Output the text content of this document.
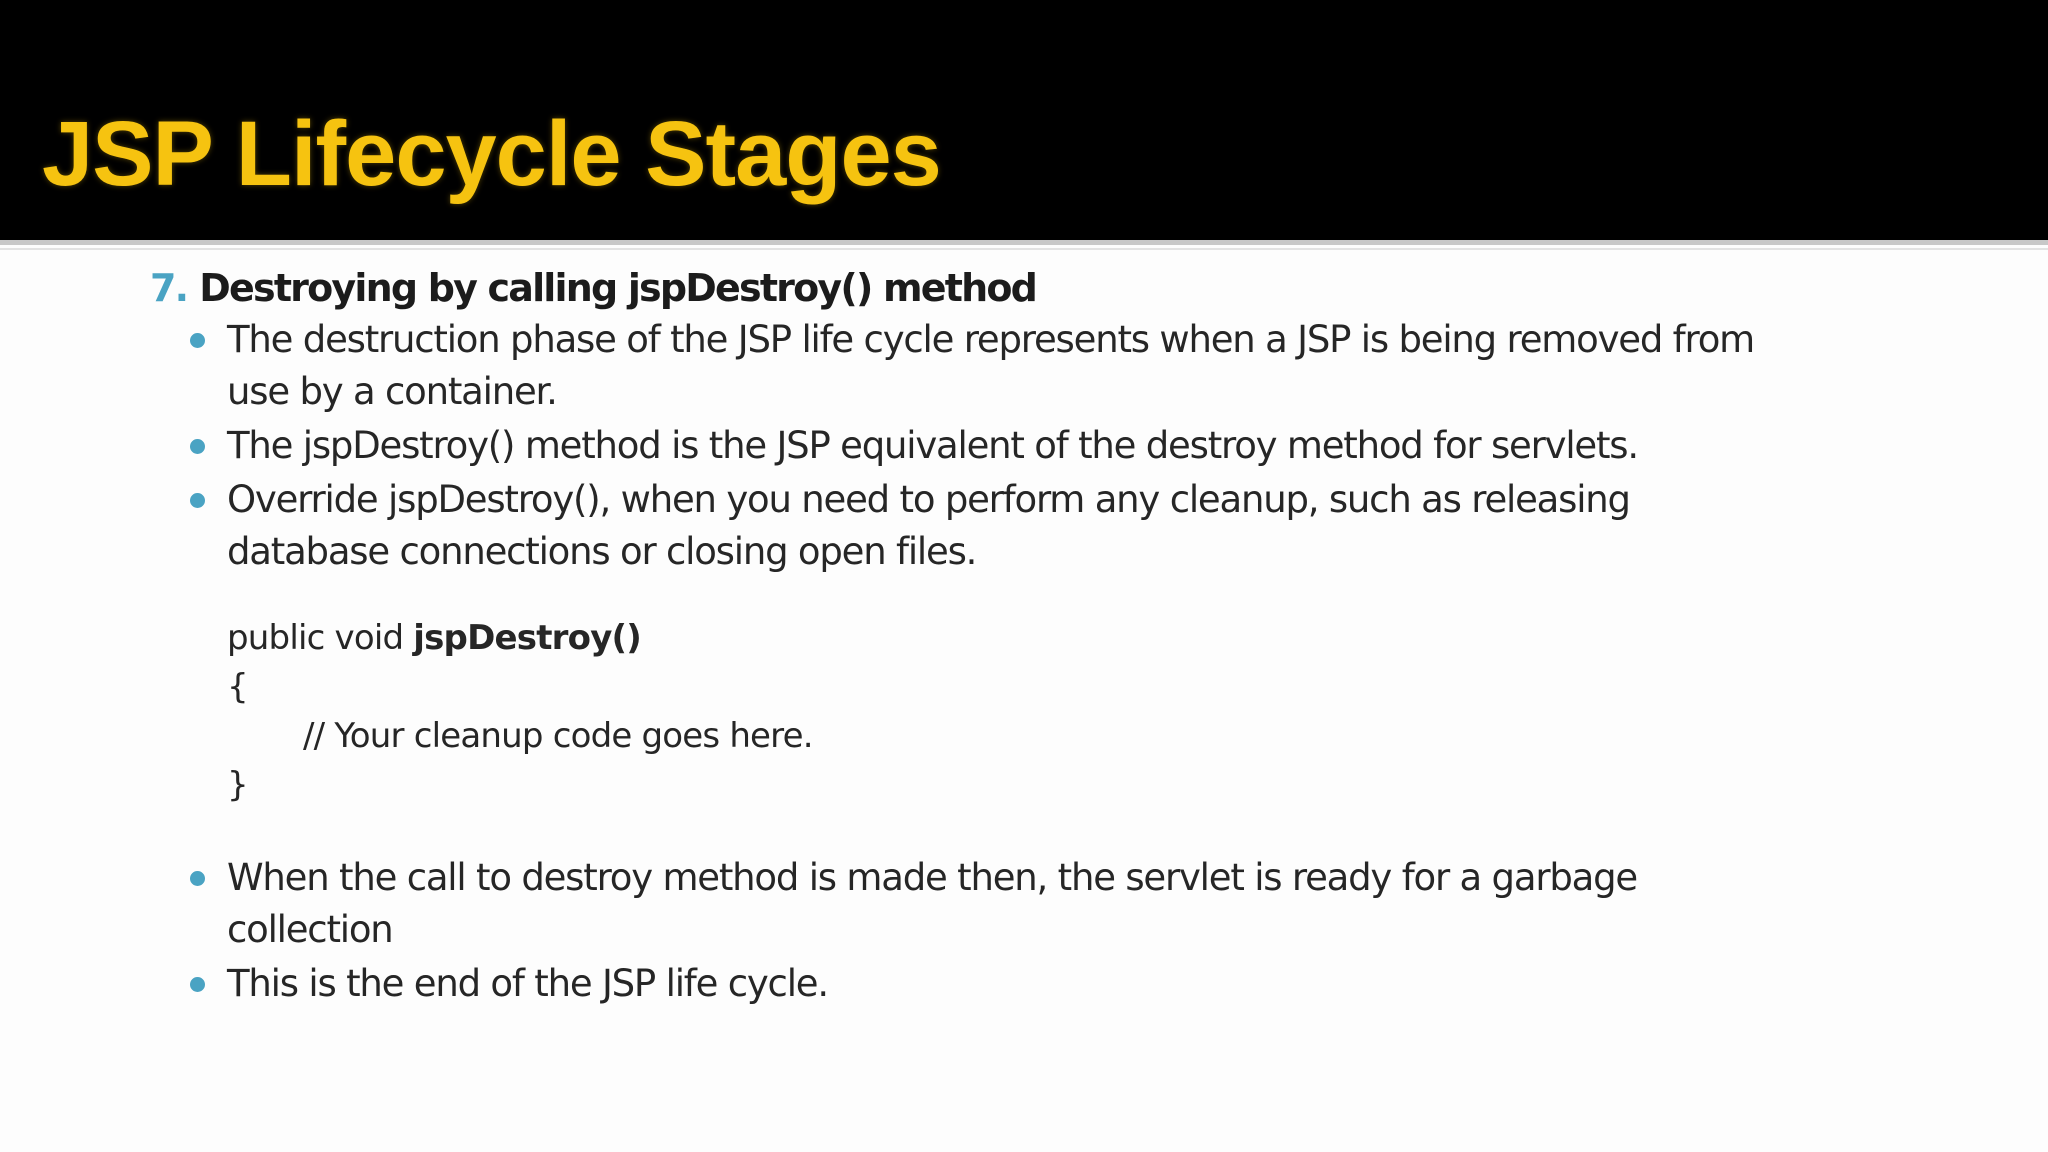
JSP Lifecycle Stages
7. Destroying by calling jspDestroy() method
The destruction phase of the JSP life cycle represents when a JSP is being removed from use by a container.
The jspDestroy() method is the JSP equivalent of the destroy method for servlets.
Override jspDestroy(), when you need to perform any cleanup, such as releasing database connections or closing open files.
public void jspDestroy()
{
// Your cleanup code goes here.
}
When the call to destroy method is made then, the servlet is ready for a garbage collection
This is the end of the JSP life cycle.
